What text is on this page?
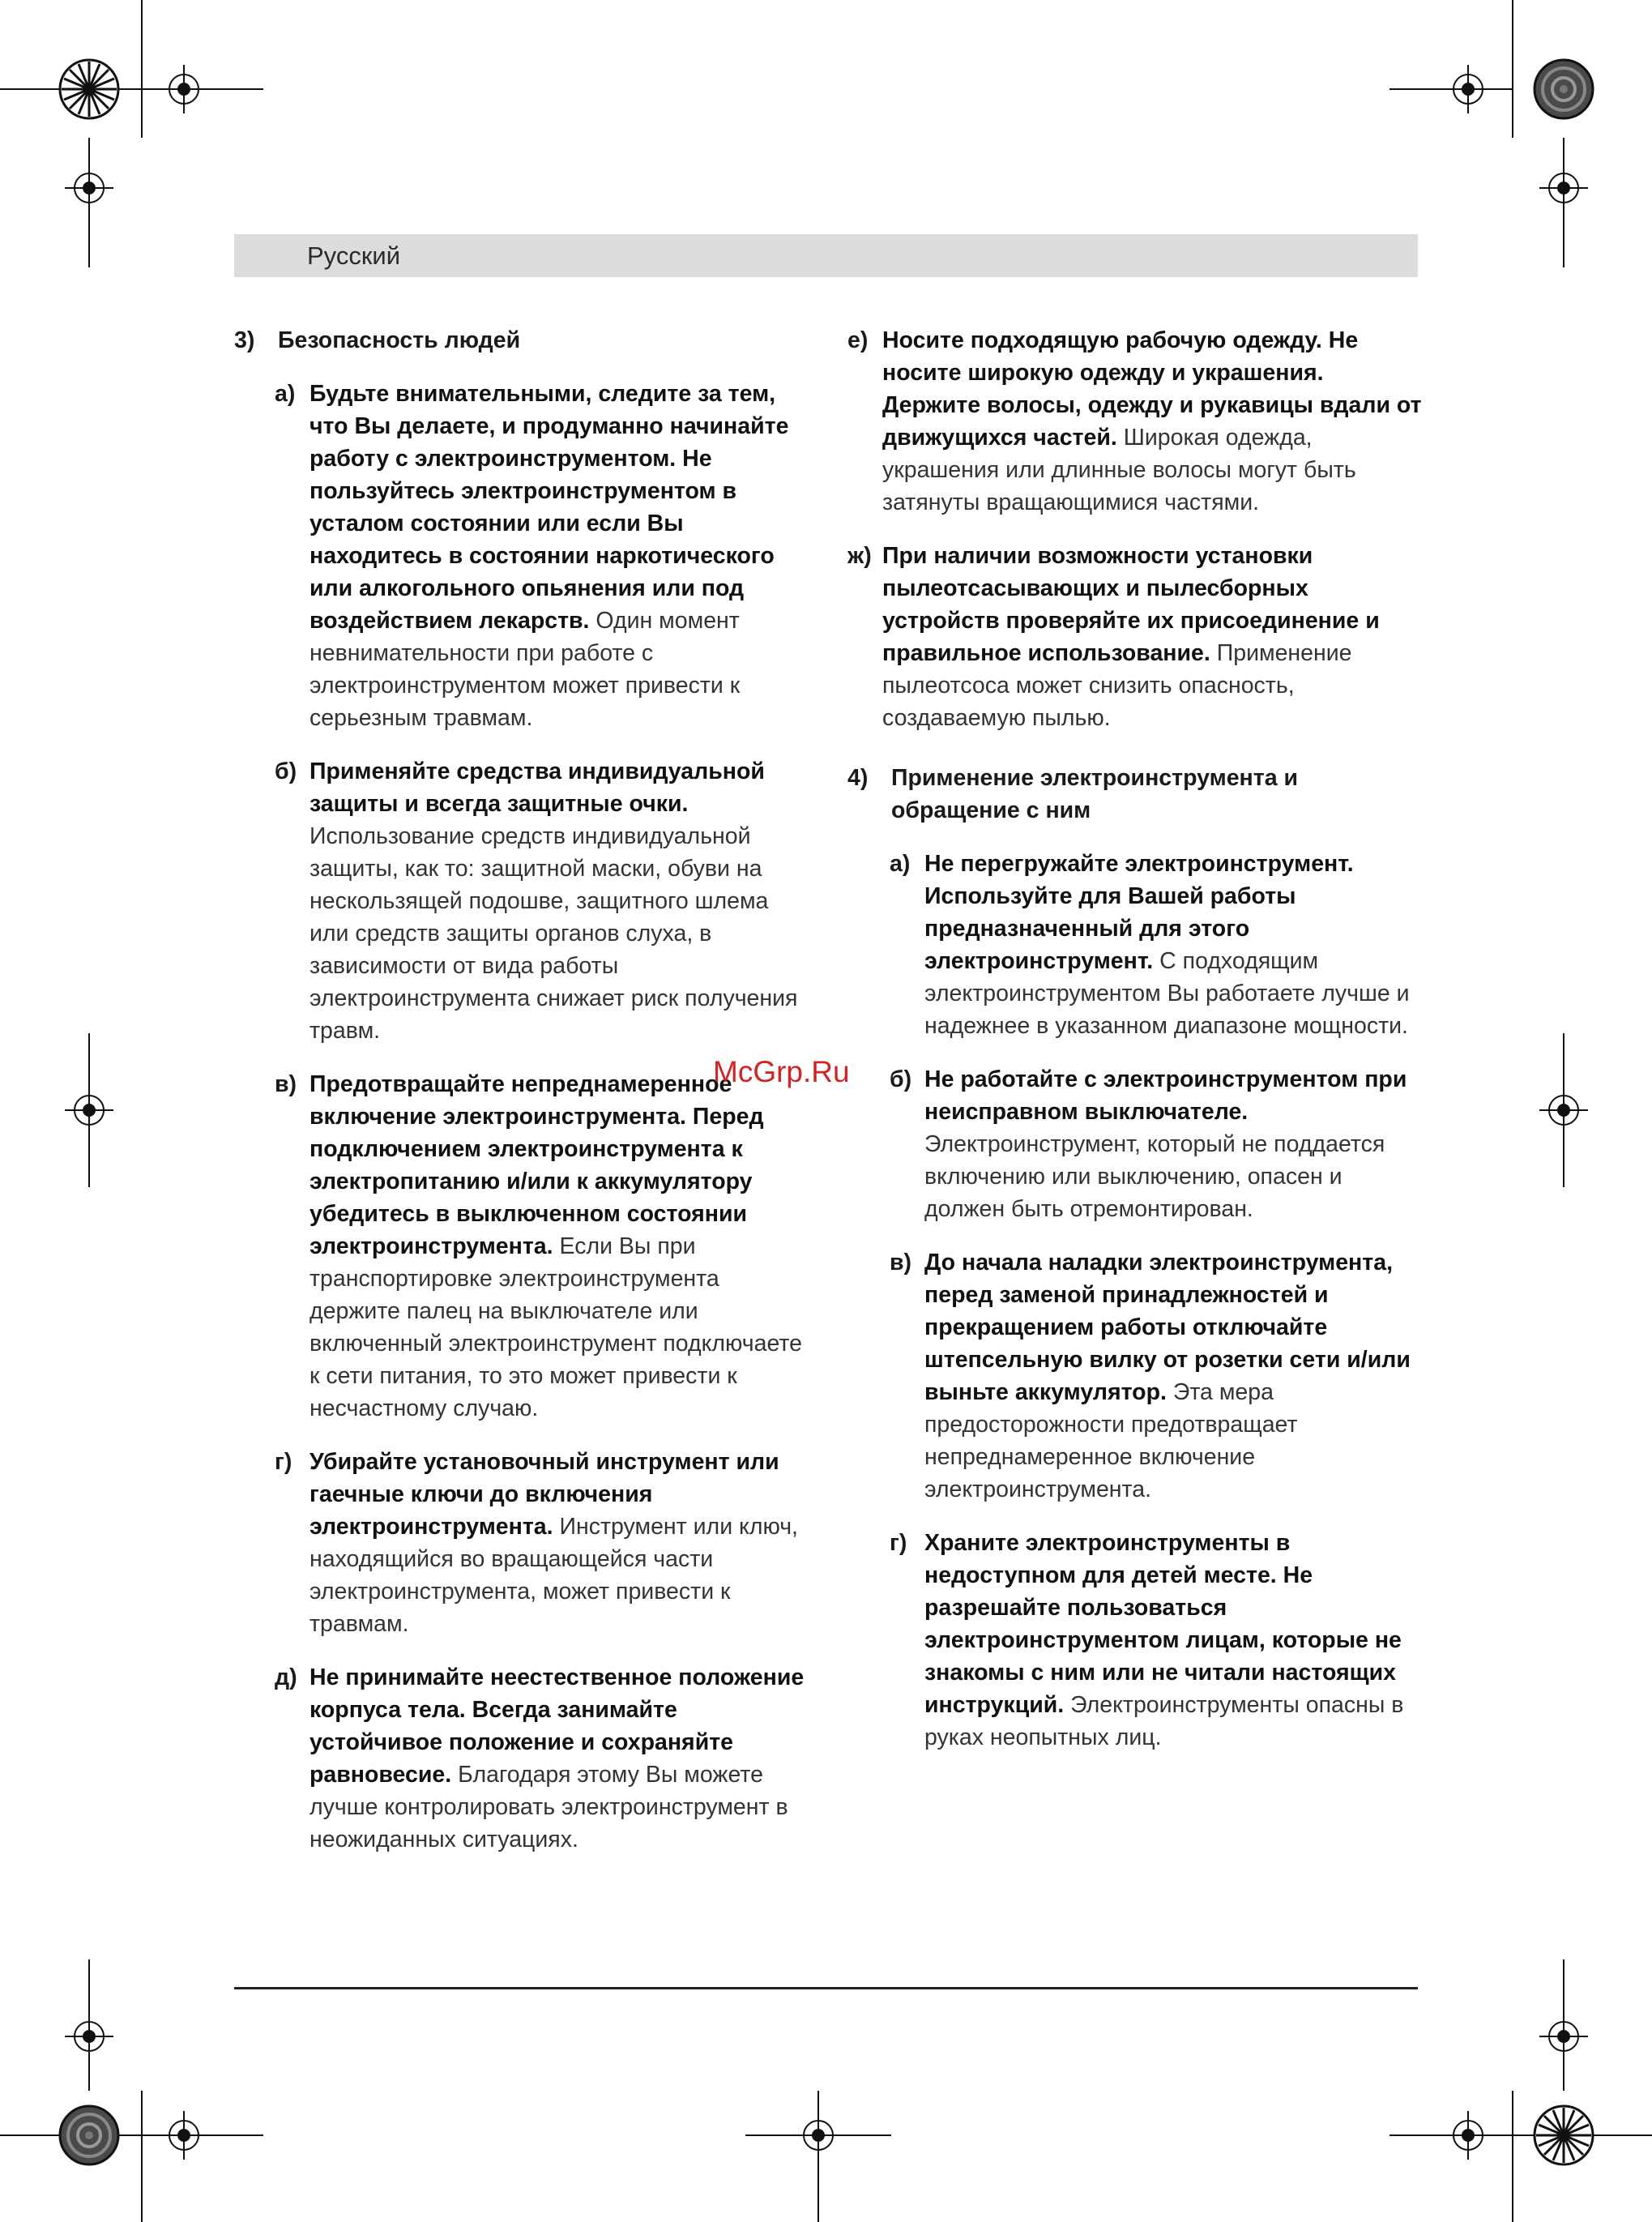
Русский
3)	Безопасность людей
а) Будьте внимательными, следите за тем, что Вы делаете, и продуманно начинайте работу с электроинструментом. Не пользуйтесь электроинструментом в усталом состоянии или если Вы находитесь в состоянии наркотического или алкогольного опьянения или под воздействием лекарств. Один момент невнимательности при работе с электроинструментом может привести к серьезным травмам.
б) Применяйте средства индивидуальной защиты и всегда защитные очки. Использование средств индивидуальной защиты, как то: защитной маски, обуви на нескользящей подошве, защитного шлема или средств защиты органов слуха, в зависимости от вида работы электроинструмента снижает риск получения травм.
в) Предотвращайте непреднамеренное включение электроинструмента. Перед подключением электроинструмента к электропитанию и/или к аккумулятору убедитесь в выключенном состоянии электроинструмента. Если Вы при транспортировке электроинструмента держите палец на выключателе или включенный электроинструмент подключаете к сети питания, то это может привести к несчастному случаю.
г) Убирайте установочный инструмент или гаечные ключи до включения электроинструмента. Инструмент или ключ, находящийся во вращающейся части электроинструмента, может привести к травмам.
д) Не принимайте неестественное положение корпуса тела. Всегда занимайте устойчивое положение и сохраняйте равновесие. Благодаря этому Вы можете лучше контролировать электроинструмент в неожиданных ситуациях.
е) Носите подходящую рабочую одежду. Не носите широкую одежду и украшения. Держите волосы, одежду и рукавицы вдали от движущихся частей. Широкая одежда, украшения или длинные волосы могут быть затянуты вращающимися частями.
ж) При наличии возможности установки пылеотсасывающих и пылесборных устройств проверяйте их присоединение и правильное использование. Применение пылеотсоса может снизить опасность, создаваемую пылью.
4)	Применение электроинструмента и обращение с ним
а) Не перегружайте электроинструмент. Используйте для Вашей работы предназначенный для этого электроинструмент. С подходящим электроинструментом Вы работаете лучше и надежнее в указанном диапазоне мощности.
б) Не работайте с электроинструментом при неисправном выключателе. Электроинструмент, который не поддается включению или выключению, опасен и должен быть отремонтирован.
в) До начала наладки электроинструмента, перед заменой принадлежностей и прекращением работы отключайте штепсельную вилку от розетки сети и/или выньте аккумулятор. Эта мера предосторожности предотвращает непреднамеренное включение электроинструмента.
г) Храните электроинструменты в недоступном для детей месте. Не разрешайте пользоваться электроинструментом лицам, которые не знакомы с ним или не читали настоящих инструкций. Электроинструменты опасны в руках неопытных лиц.
McGrp.Ru
